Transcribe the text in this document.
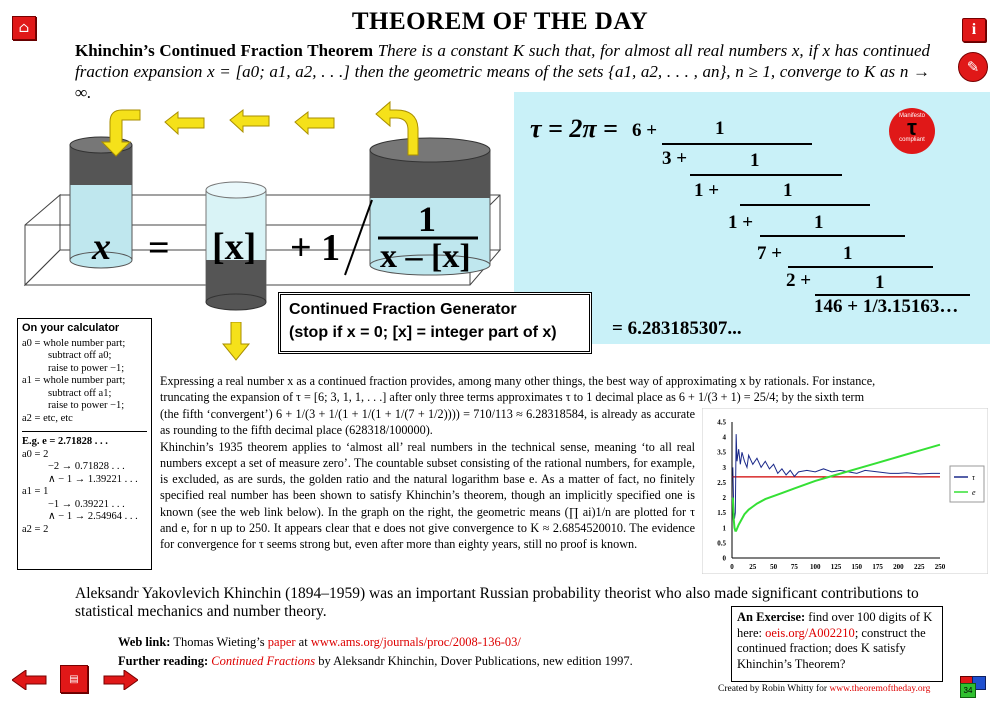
⌂	i
✎
THEOREM OF THE DAY
Khinchin’s Continued Fraction Theorem There is a constant K such that, for almost all real numbers x, if x has continued fraction expansion x = [a0; a1, a2, . . .] then the geometric means of the sets {a1, a2, . . . , an}, n ≥ 1, converge to K as n → ∞.
x = [x] + 1
1
x – [x]
Continued Fraction Generator
(stop if x = 0; [x] = integer part of x)
τ = 2π = 6 +	1
3 +	1
1 +	1
1 +	1
7 +	1
2 +	1
146 + 1/3.15163…
= 6.283185307...
Manifesto
τ
compliant
On your calculator
a0 = whole number part;
subtract off a0;
raise to power −1;
a1 = whole number part;
subtract off a1;
raise to power −1;
a2 = etc, etc
E.g. e = 2.71828 . . .
a0 = 2
−2 → 0.71828 . . .
∧ − 1 → 1.39221 . . .
a1 = 1
−1 → 0.39221 . . .
∧ − 1 → 2.54964 . . .
a2 = 2
Expressing a real number x as a continued fraction provides, among many other things, the best way of approximating x by rationals. For instance,
truncating the expansion of τ = [6; 3, 1, 1, . . .] after only three terms approximates τ to 1 decimal place as 6 + 1/(3 + 1) = 25/4; by the sixth term
(the fifth ‘convergent’) 6 + 1/(3 + 1/(1 + 1/(1 + 1/(7 + 1/2)))) = 710/113 ≈ 6.28318584, is already as accurate as rounding to the fifth decimal place (628318/100000).
Khinchin’s 1935 theorem applies to ‘almost all’ real numbers in the technical sense, meaning ‘to all real numbers except a set of measure zero’. The countable subset consisting of the rational numbers, for example, is excluded, as are surds, the golden ratio and the natural logarithm base e. As a matter of fact, no finitely specified real number has been shown to satisfy Khinchin’s theorem, though an implicitly specified one is known (see the web link below). In the graph on the right, the geometric means (∏ ai)1/n are plotted for τ and e, for n up to 250. It appears clear that e does not give convergence to K ≈ 2.6854520010. The evidence for convergence for τ seems strong but, even after more than eighty years, still no proof is known.
0 25 50 75 100 125 150 175 200 225 250
0
0.5
1
1.5
2
2.5
3
3.5
4
4.5
τ
e
Aleksandr Yakovlevich Khinchin (1894–1959) was an important Russian probability theorist who also made significant contributions to statistical mechanics and number theory.
Web link: Thomas Wieting’s paper at www.ams.org/journals/proc/2008-136-03/
Further reading: Continued Fractions by Aleksandr Khinchin, Dover Publications, new edition 1997.
An Exercise: find over 100 digits of K here: oeis.org/A002210; construct the continued fraction; does K satisfy Khinchin’s Theorem?
▤
Created by Robin Whitty for www.theoremoftheday.org	34
